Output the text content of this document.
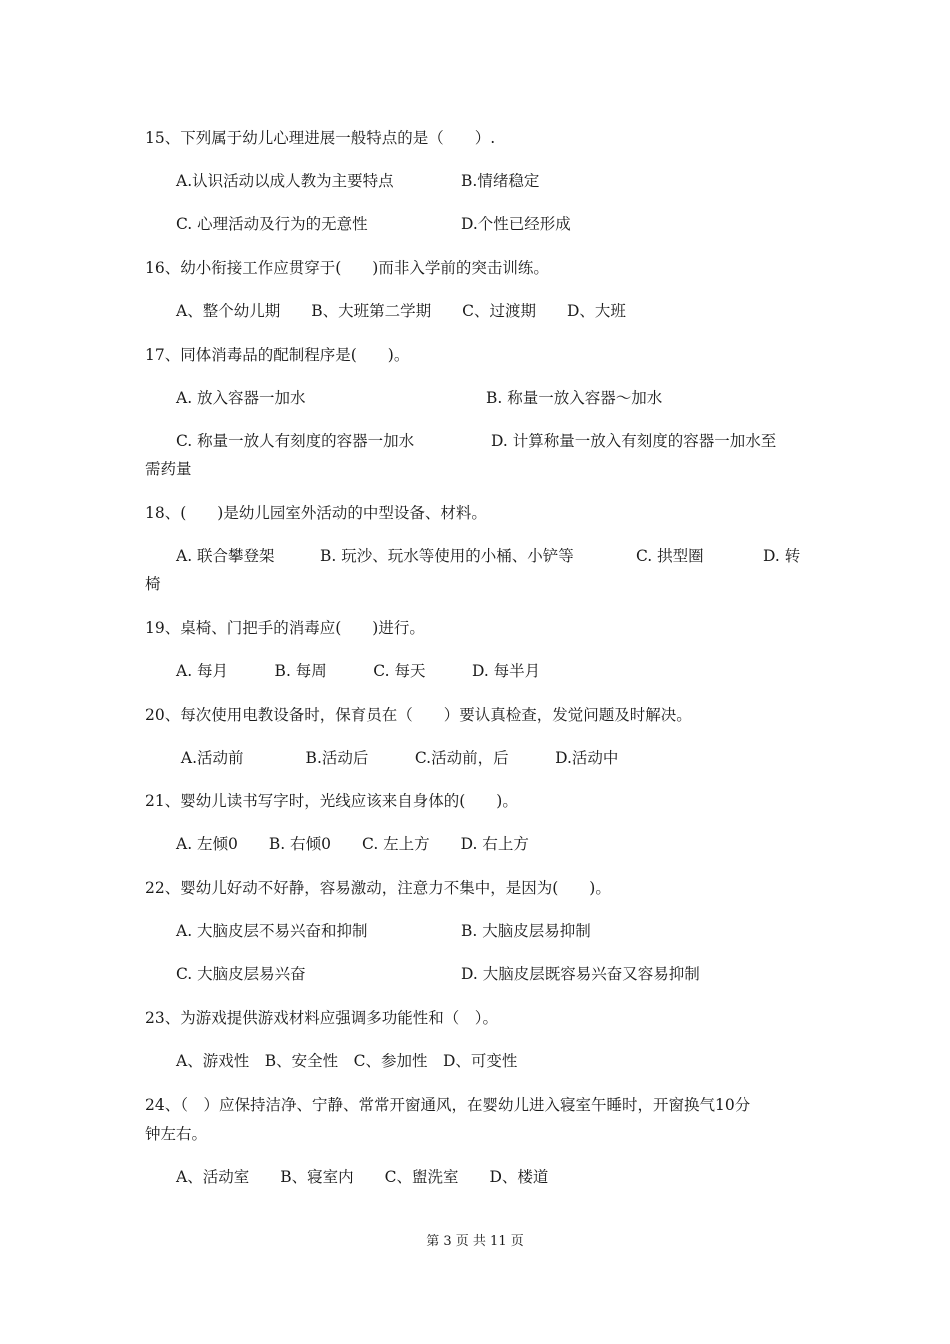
15、下列属于幼儿心理进展一般特点的是（　　）.
A.认识活动以成人教为主要特点	B.情绪稳定
C. 心理活动及行为的无意性	D.个性已经形成
16、幼小衔接工作应贯穿于(　　)而非入学前的突击训练。
A、整个幼儿期　　B、大班第二学期　　C、过渡期　　D、大班
17、同体消毒品的配制程序是(　　)。
A. 放入容器一加水	B. 称量一放入容器～加水
C. 称量一放人有刻度的容器一加水	D. 计算称量一放入有刻度的容器一加水至
需药量
18、(　　)是幼儿园室外活动的中型设备、材料。
A. 联合攀登架	B. 玩沙、玩水等使用的小桶、小铲等	C. 拱型圈	D. 转
椅
19、桌椅、门把手的消毒应(　　)进行。
A. 每月　　　B. 每周　　　C. 每天　　　D. 每半月
20、每次使用电教设备时，保育员在（　　）要认真检查，发觉问题及时解决。
A.活动前　　　　B.活动后　　　C.活动前，后　　　D.活动中
21、婴幼儿读书写字时，光线应该来自身体的(　　)。
A. 左倾0　　B. 右倾0　　C. 左上方　　D. 右上方
22、婴幼儿好动不好静，容易激动，注意力不集中，是因为(　　)。
A. 大脑皮层不易兴奋和抑制	B. 大脑皮层易抑制
C. 大脑皮层易兴奋	D. 大脑皮层既容易兴奋又容易抑制
23、为游戏提供游戏材料应强调多功能性和（　）。
A、游戏性　B、安全性　C、参加性　D、可变性
24、（　）应保持洁净、宁静、常常开窗通风，在婴幼儿进入寝室午睡时，开窗换气10分
钟左右。
A、活动室　　B、寝室内　　C、盥洗室　　D、楼道
第 3 页 共 11 页
